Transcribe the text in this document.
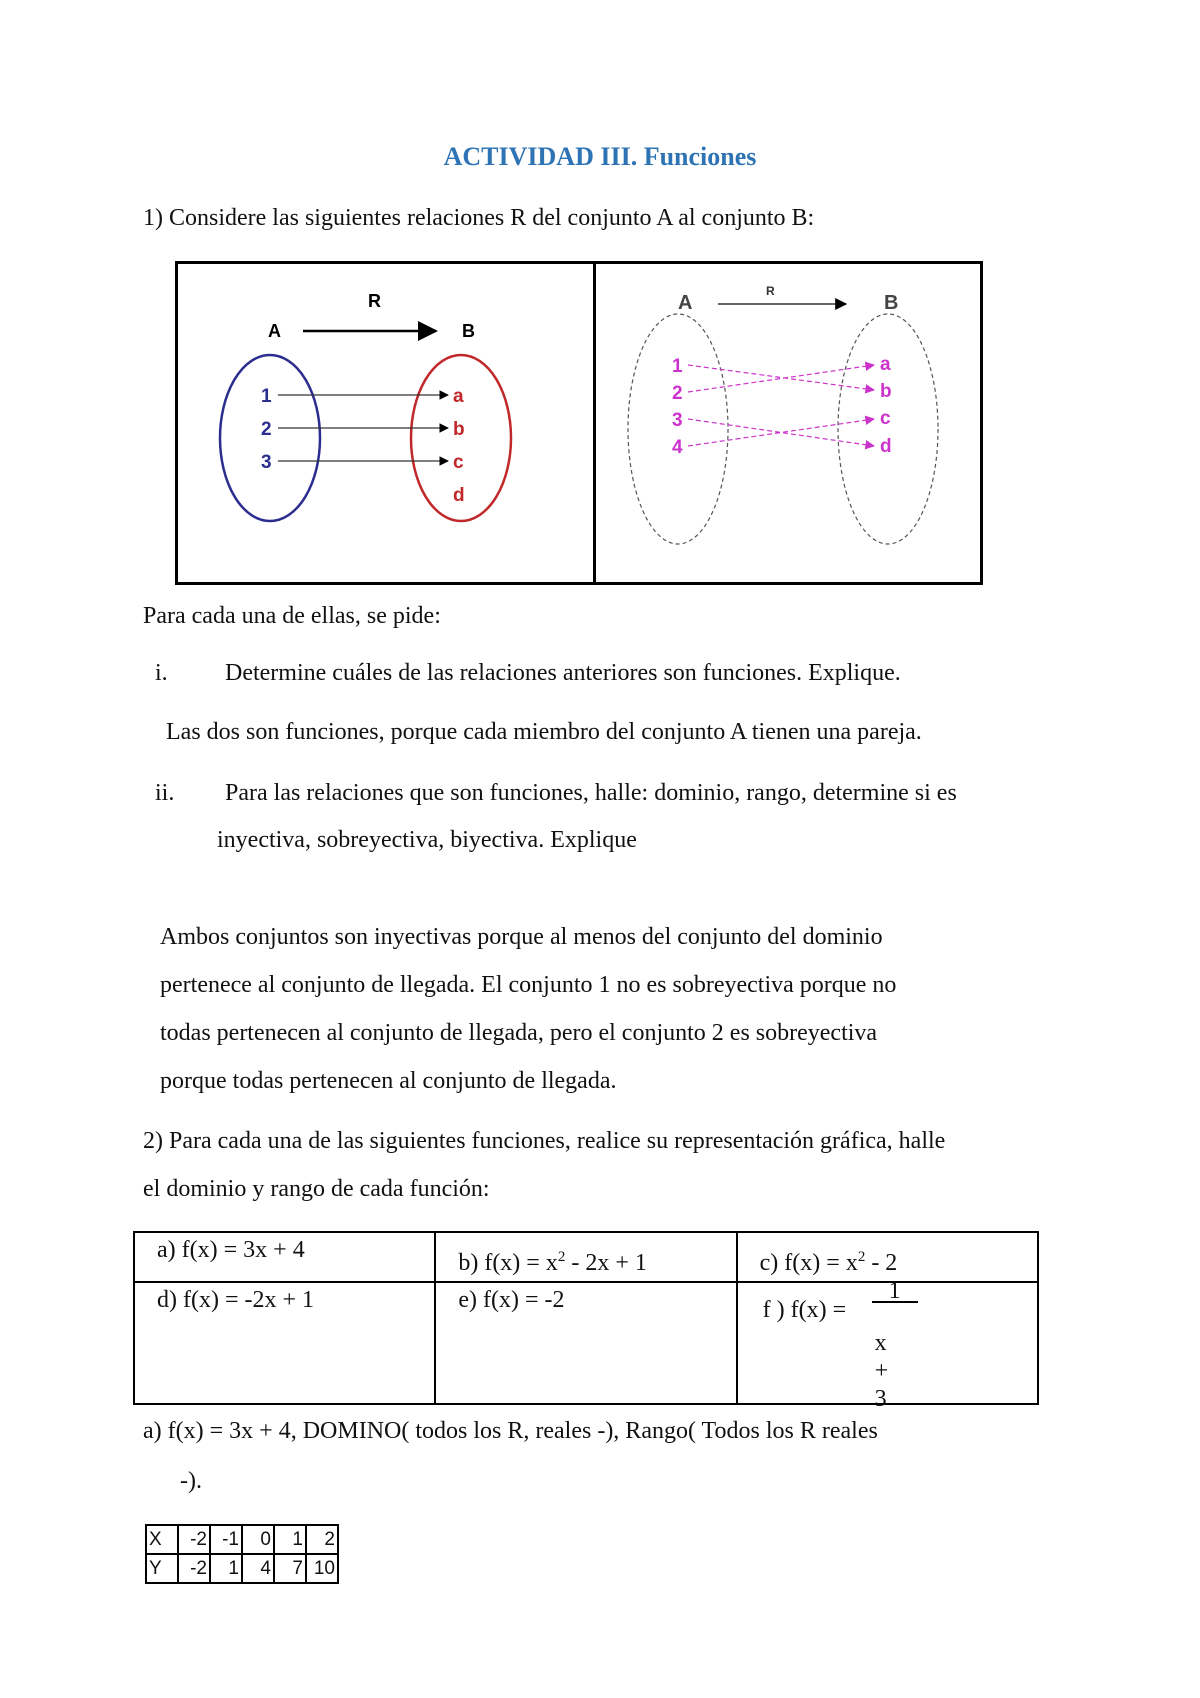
ACTIVIDAD III. Funciones
1) Considere las siguientes relaciones R del conjunto A al conjunto B:
R
A	B
1
2
3
a
b
c
d
R
A	B
1
2
3
4
a
b
c
d
Para cada una de ellas, se pide:
i. Determine cuáles de las relaciones anteriores son funciones. Explique.
Las dos son funciones, porque cada miembro del conjunto A tienen una pareja.
ii. Para las relaciones que son funciones, halle: dominio, rango, determine si es
inyectiva, sobreyectiva, biyectiva. Explique
Ambos conjuntos son inyectivas porque al menos del conjunto del dominio
pertenece al conjunto de llegada. El conjunto 1 no es sobreyectiva porque no
todas pertenecen al conjunto de llegada, pero el conjunto 2 es sobreyectiva
porque todas pertenecen al conjunto de llegada.
2) Para cada una de las siguientes funciones, realice su representación gráfica, halle
el dominio y rango de cada función:
a) f(x) = 3x + 4	b) $f(x) = x^2 - 2x + 1$	c) $f(x) = x^2 - 2$
d) f(x) = -2x + 1	e) f(x) = -2	f ) f(x) =
1
x
+
3
a) f(x) = 3x + 4, DOMINO( todos los R, reales -), Rango( Todos los R reales
-).
X	-2	-1	0	1	2
Y	-2	1	4	7	10
